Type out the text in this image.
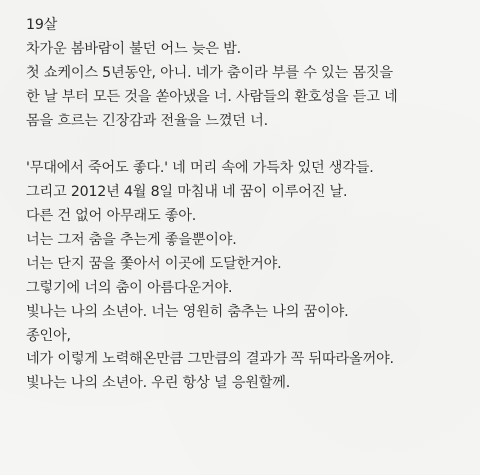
19살
차가운 봄바람이 불던 어느 늦은 밤.
첫 쇼케이스 5년동안, 아니. 네가 춤이라 부를 수 있는 몸짓을
한 날 부터 모든 것을 쏟아냈을 너. 사람들의 환호성을 듣고 네
몸을 흐르는 긴장감과 전율을 느꼈던 너.
'무대에서 죽어도 좋다.' 네 머리 속에 가득차 있던 생각들.
그리고 2012년 4월 8일 마침내 네 꿈이 이루어진 날.
다른 건 없어 아무래도 좋아.
너는 그저 춤을 추는게 좋을뿐이야.
너는 단지 꿈을 쫓아서 이곳에 도달한거야.
그렇기에 너의 춤이 아름다운거야.
빛나는 나의 소년아. 너는 영원히 춤추는 나의 꿈이야.
종인아,
네가 이렇게 노력해온만큼 그만큼의 결과가 꼭 뒤따라올꺼야.
빛나는 나의 소년아. 우린 항상 널 응원할께.
